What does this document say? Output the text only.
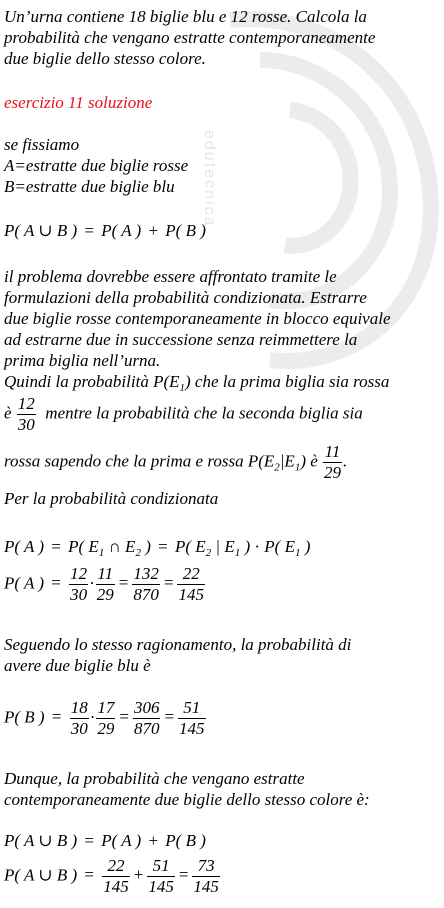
edutecnica
Un’urna contiene 18 biglie blu e 12 rosse. Calcola la
probabilità che vengano estratte contemporaneamente
due biglie dello stesso colore.
esercizio 11 soluzione
se fissiamo
A=estratte due biglie rosse
B=estratte due biglie blu
P( A ∪ B ) = P( A ) + P( B )
il problema dovrebbe essere affrontato tramite le
formulazioni della probabilità condizionata. Estrarre
due biglie rosse contemporaneamente in blocco equivale
ad estrarne due in successione senza reimmettere la
prima biglia nell’urna.
Quindi la probabilità $P(E_1)$ che la prima biglia sia rossa
è $\frac{12}{30}$ mentre la probabilità che la seconda biglia sia
rossa sapendo che la prima e rossa $P(E_2|E_1)$ è $\frac{11}{29}$ .
Per la probabilità condizionata
P( A ) = P( $E_1$ ∩ $E_2$ ) = P( $E_2$ | $E_1$ ) · P( $E_1$ )
P( A ) = $\frac{12}{30} \cdot \frac{11}{29} = \frac{132}{870} = \frac{22}{145}$
Seguendo lo stesso ragionamento, la probabilità di
avere due biglie blu è
P( B ) = $\frac{18}{30} \cdot \frac{17}{29} = \frac{306}{870} = \frac{51}{145}$
Dunque, la probabilità che vengano estratte
contemporaneamente due biglie dello stesso colore è:
P( A ∪ B ) = P( A ) + P( B )
P( A ∪ B ) = $\frac{22}{145} + \frac{51}{145} = \frac{73}{145}$
